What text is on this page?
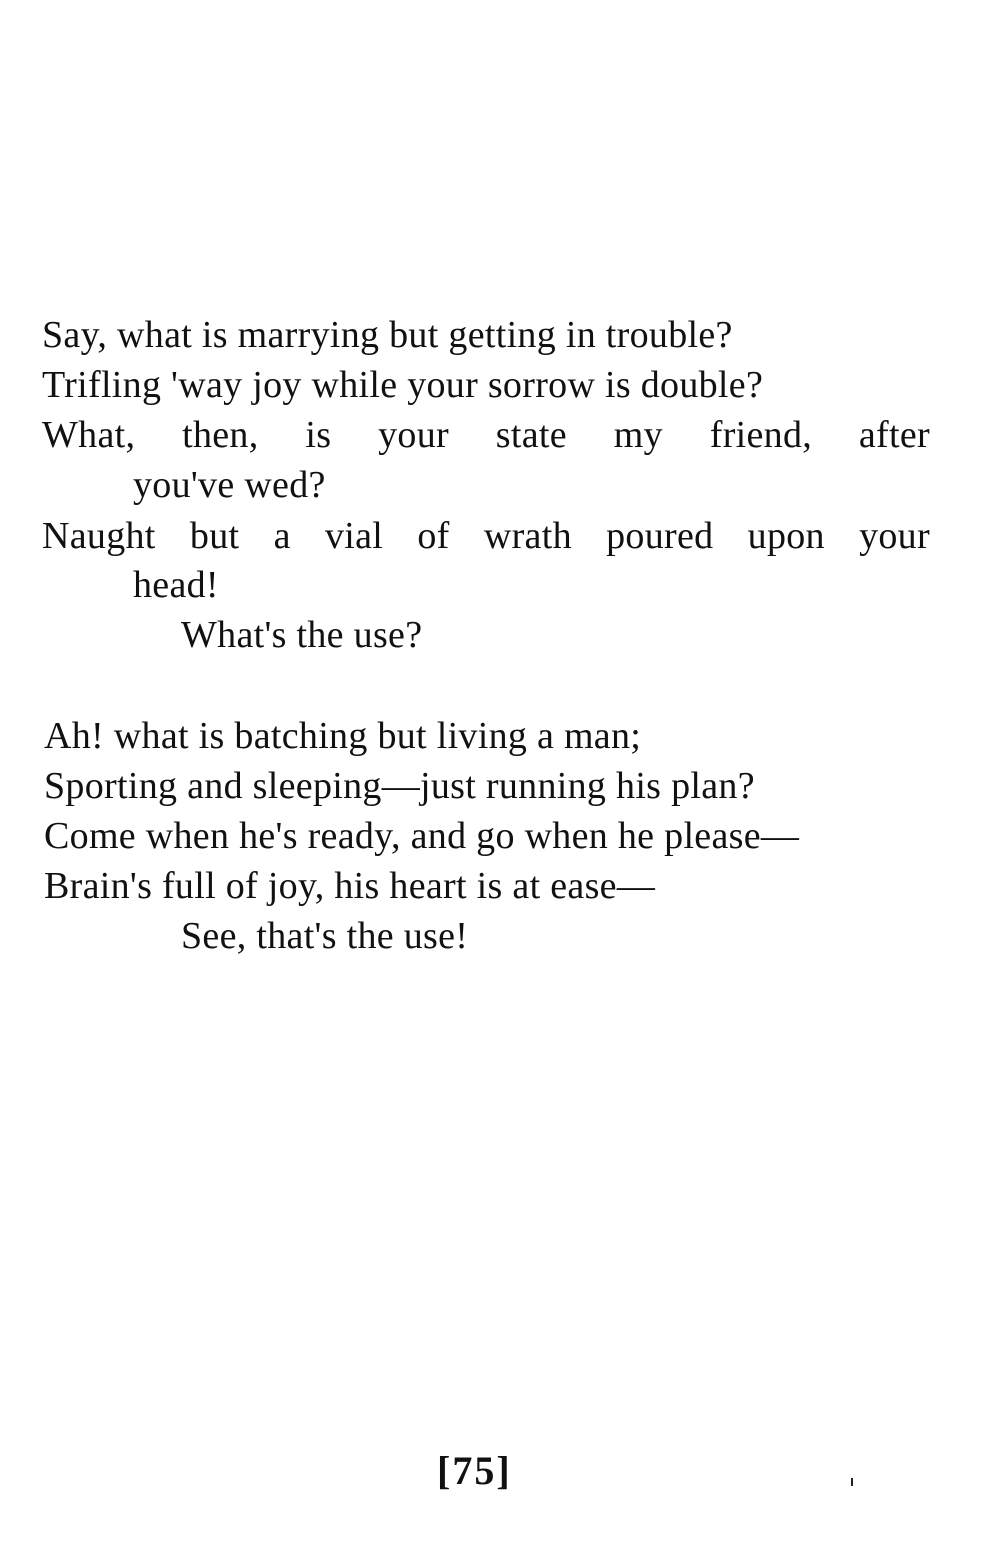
Say, what is marrying but getting in trouble?
Trifling 'way joy while your sorrow is double?
What, then, is your state my friend, after
you've wed?
Naught but a vial of wrath poured upon your
head!
What's the use?
Ah! what is batching but living a man;
Sporting and sleeping—just running his plan?
Come when he's ready, and go when he please—
Brain's full of joy, his heart is at ease—
See, that's the use!
[75]
